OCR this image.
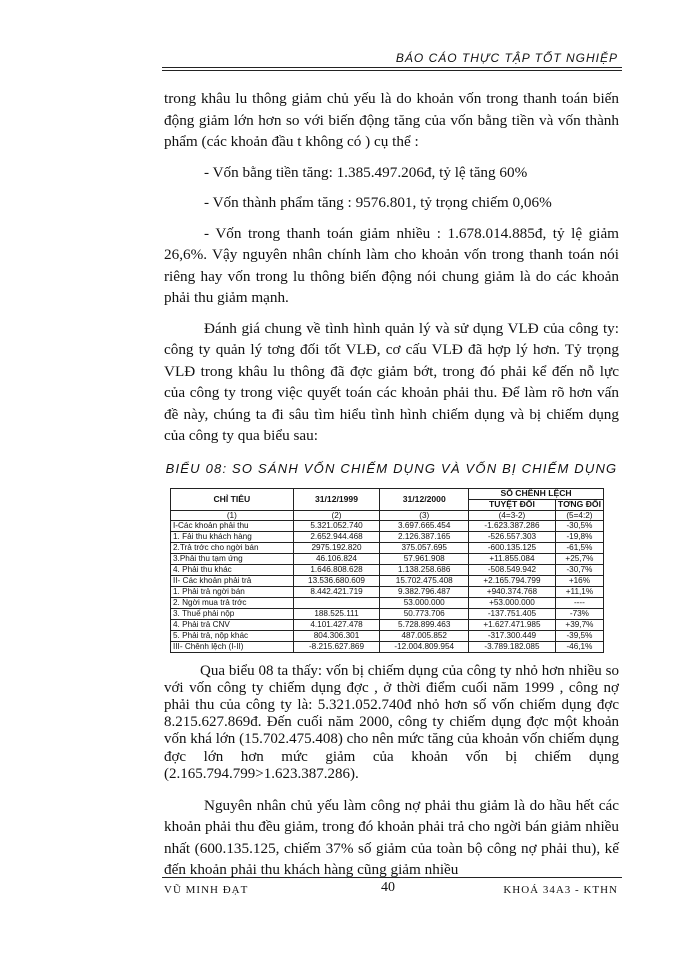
BÁO CÁO THỰC TẬP TỐT NGHIỆP

trong khâu lu thông giảm chủ yếu là do khoản vốn trong thanh toán biến động giảm lớn hơn so với biến động tăng của vốn bằng tiền và vốn thành phẩm (các khoản đầu t không có ) cụ thể :

- Vốn bằng tiền tăng: 1.385.497.206đ, tỷ lệ tăng 60%

- Vốn thành phẩm tăng : 9576.801, tỷ trọng chiếm 0,06%

- Vốn trong thanh toán giảm nhiều : 1.678.014.885đ, tỷ lệ giảm 26,6%. Vậy nguyên nhân chính làm cho khoản vốn trong thanh toán nói riêng hay vốn trong lu thông biến động nói chung giảm là do các khoản phải thu giảm mạnh.

Đánh giá chung về tình hình quản lý và sử dụng VLĐ của công ty: công ty quản lý tơng đối tốt VLĐ, cơ cấu VLĐ đã hợp lý hơn. Tỷ trọng VLĐ trong khâu lu thông đã đợc giảm bớt, trong đó phải kể đến nỗ lực của công ty trong việc quyết toán các khoản phải thu. Để làm rõ hơn vấn đề này, chúng ta đi sâu tìm hiểu tình hình chiếm dụng và bị chiếm dụng của công ty qua biểu sau:

BIỂU 08: SO SÁNH VỐN CHIẾM DỤNG VÀ VỐN BỊ CHIẾM DỤNG
CHỈ TIÊU	31/12/1999	31/12/2000	SỐ CHÊNH LỆCH	
			TUYỆT ĐỐI	TƠNG ĐỐI
(1)	(2)	(3)	(4=3-2)	(5=4:2)
I-Các khoản phải thu	5.321.052.740	3.697.665.454	-1.623.387.286	-30,5%
1. Fải thu khách hàng	2.652.944.468	2.126.387.165	-526.557.303	-19,8%
2.Trả trớc cho ngời bán	2975.192.820	375.057.695	-600.135.125	-61,5%
3.Phải thu tạm ứng	46.106.824	57.961.908	+11.855.084	+25,7%
4. Phải thu khác	1.646.808.628	1.138.258.686	-508.549.942	-30,7%
II- Các khoản phải trả	13.536.680.609	15.702.475.408	+2.165.794.799	+16%
1. Phải trả ngời bán	8.442.421.719	9.382.796.487	+940.374.768	+11,1%
2. Ngời mua trả trớc		53.000.000	+53.000.000	----
3. Thuế phải nộp	188.525.111	50.773.706	-137.751.405	-73%
4. Phải trả CNV	4.101.427.478	5.728.899.463	+1.627.471.985	+39,7%
5. Phải trả, nộp khác	804.306.301	487.005.852	-317.300.449	-39,5%
III- Chênh lệch (I-II)	-8.215.627.869	-12.004.809.954	-3.789.182.085	-46,1%

Qua biểu 08 ta thấy: vốn bị chiếm dụng của công ty nhỏ hơn nhiều so với vốn công ty chiếm dụng đợc , ở thời điểm cuối năm 1999 , công nợ phải thu của công ty là: 5.321.052.740đ nhỏ hơn số vốn chiếm dụng đợc 8.215.627.869đ. Đến cuối năm 2000, công ty chiếm dụng đợc một khoản vốn khá lớn (15.702.475.408) cho nên mức tăng của khoản vốn chiếm dụng đợc lớn hơn mức giảm của khoản vốn bị chiếm dụng (2.165.794.799>1.623.387.286).

Nguyên nhân chủ yếu làm công nợ phải thu giảm là do hầu hết các khoản phải thu đều giảm, trong đó khoản phải trả cho ngời bán giảm nhiều nhất (600.135.125, chiếm 37% số giảm của toàn bộ công nợ phải thu), kế đến khoản phải thu khách hàng cũng giảm nhiều

VŨ MINH ĐẠT	40	KHOÁ 34A3 - KTHN
